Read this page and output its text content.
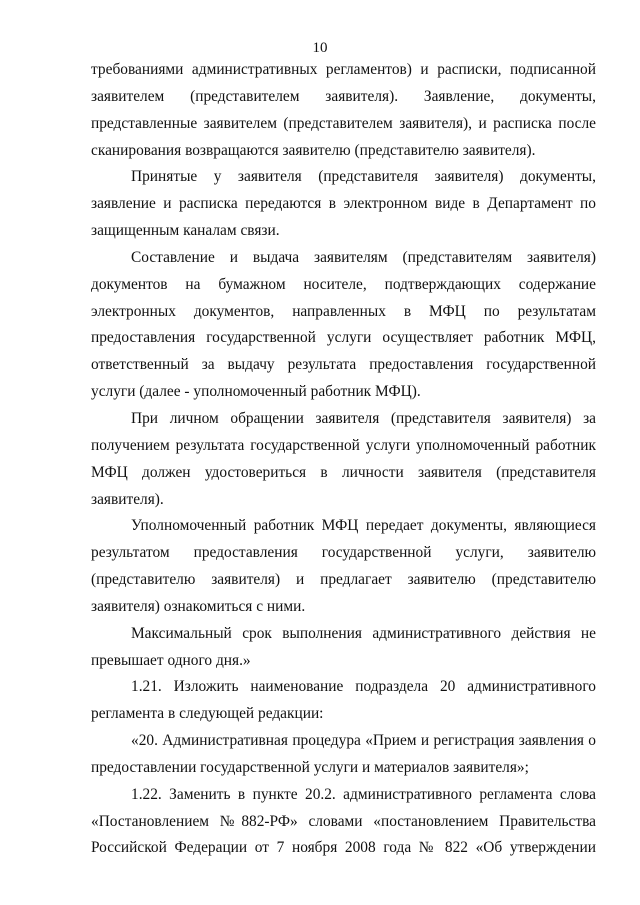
10

требованиями административных регламентов) и расписки, подписанной заявителем (представителем заявителя). Заявление, документы, представленные заявителем (представителем заявителя), и расписка после сканирования возвращаются заявителю (представителю заявителя).

Принятые у заявителя (представителя заявителя) документы, заявление и расписка передаются в электронном виде в Департамент по защищенным каналам связи.

Составление и выдача заявителям (представителям заявителя) документов на бумажном носителе, подтверждающих содержание электронных документов, направленных в МФЦ по результатам предоставления государственной услуги осуществляет работник МФЦ, ответственный за выдачу результата предоставления государственной услуги (далее - уполномоченный работник МФЦ).

При личном обращении заявителя (представителя заявителя) за получением результата государственной услуги уполномоченный работник МФЦ должен удостовериться в личности заявителя (представителя заявителя).

Уполномоченный работник МФЦ передает документы, являющиеся результатом предоставления государственной услуги, заявителю (представителю заявителя) и предлагает заявителю (представителю заявителя) ознакомиться с ними.

Максимальный срок выполнения административного действия не превышает одного дня.»

1.21. Изложить наименование подраздела 20 административного регламента в следующей редакции:

«20. Административная процедура «Прием и регистрация заявления о предоставлении государственной услуги и материалов заявителя»;

1.22. Заменить в пункте 20.2. административного регламента слова «Постановлением №882-РФ» словами «постановлением Правительства Российской Федерации от 7 ноября 2008 года № 822 «Об утверждении
